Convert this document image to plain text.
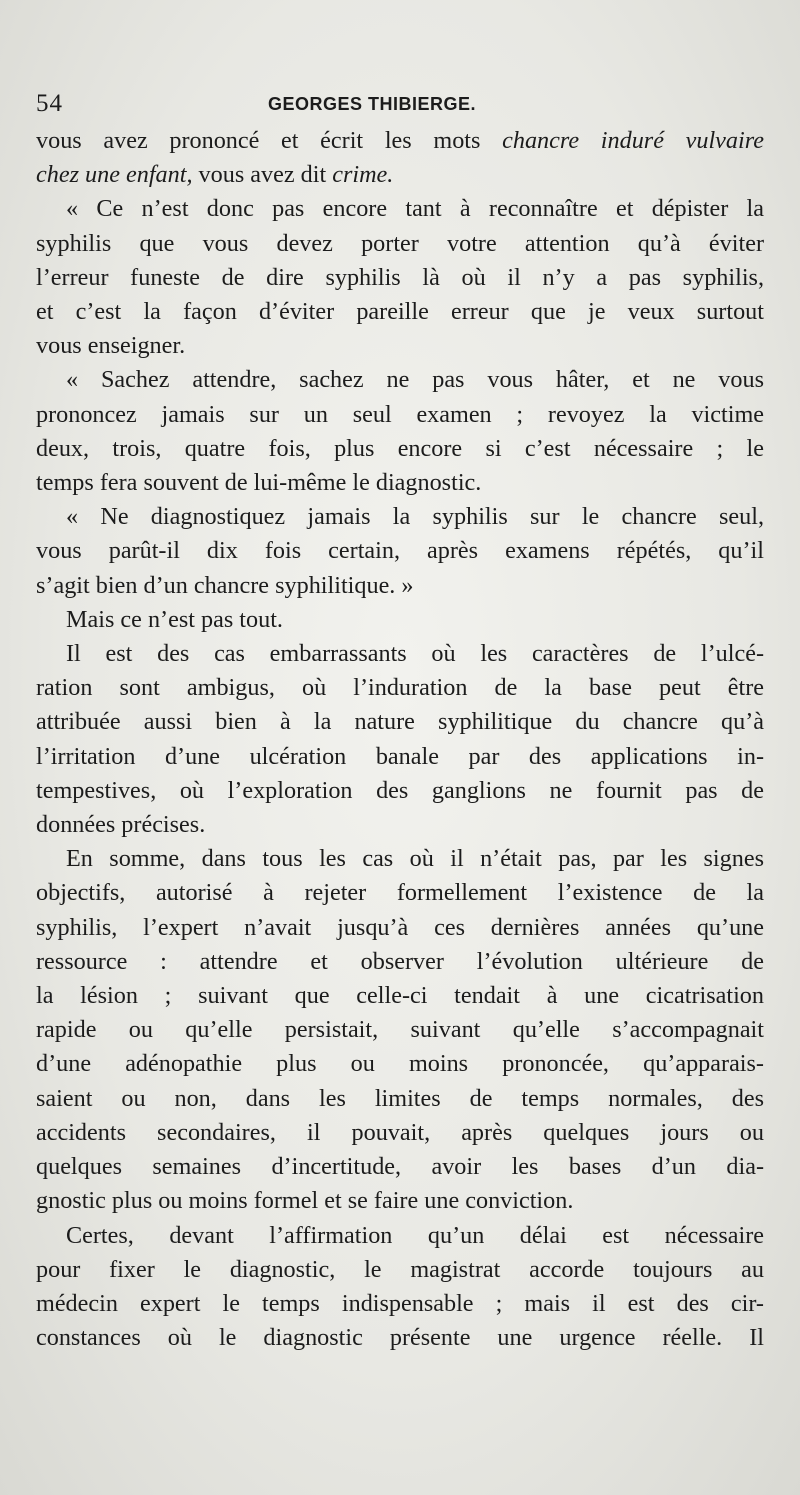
54	GEORGES THIBIERGE.

vous avez prononcé et écrit les mots chancre induré vulvaire
chez une enfant, vous avez dit crime.

« Ce n’est donc pas encore tant à reconnaître et dépister la
syphilis que vous devez porter votre attention qu’à éviter
l’erreur funeste de dire syphilis là où il n’y a pas syphilis,
et c’est la façon d’éviter pareille erreur que je veux surtout
vous enseigner.

« Sachez attendre, sachez ne pas vous hâter, et ne vous
prononcez jamais sur un seul examen ; revoyez la victime
deux, trois, quatre fois, plus encore si c’est nécessaire ; le
temps fera souvent de lui-même le diagnostic.

« Ne diagnostiquez jamais la syphilis sur le chancre seul,
vous parût-il dix fois certain, après examens répétés, qu’il
s’agit bien d’un chancre syphilitique. »

Mais ce n’est pas tout.

Il est des cas embarrassants où les caractères de l’ulcé-
ration sont ambigus, où l’induration de la base peut être
attribuée aussi bien à la nature syphilitique du chancre qu’à
l’irritation d’une ulcération banale par des applications in-
tempestives, où l’exploration des ganglions ne fournit pas de
données précises.

En somme, dans tous les cas où il n’était pas, par les signes
objectifs, autorisé à rejeter formellement l’existence de la
syphilis, l’expert n’avait jusqu’à ces dernières années qu’une
ressource : attendre et observer l’évolution ultérieure de
la lésion ; suivant que celle-ci tendait à une cicatrisation
rapide ou qu’elle persistait, suivant qu’elle s’accompagnait
d’une adénopathie plus ou moins prononcée, qu’apparais-
saient ou non, dans les limites de temps normales, des
accidents secondaires, il pouvait, après quelques jours ou
quelques semaines d’incertitude, avoir les bases d’un dia-
gnostic plus ou moins formel et se faire une conviction.

Certes, devant l’affirmation qu’un délai est nécessaire
pour fixer le diagnostic, le magistrat accorde toujours au
médecin expert le temps indispensable ; mais il est des cir-
constances où le diagnostic présente une urgence réelle. Il
